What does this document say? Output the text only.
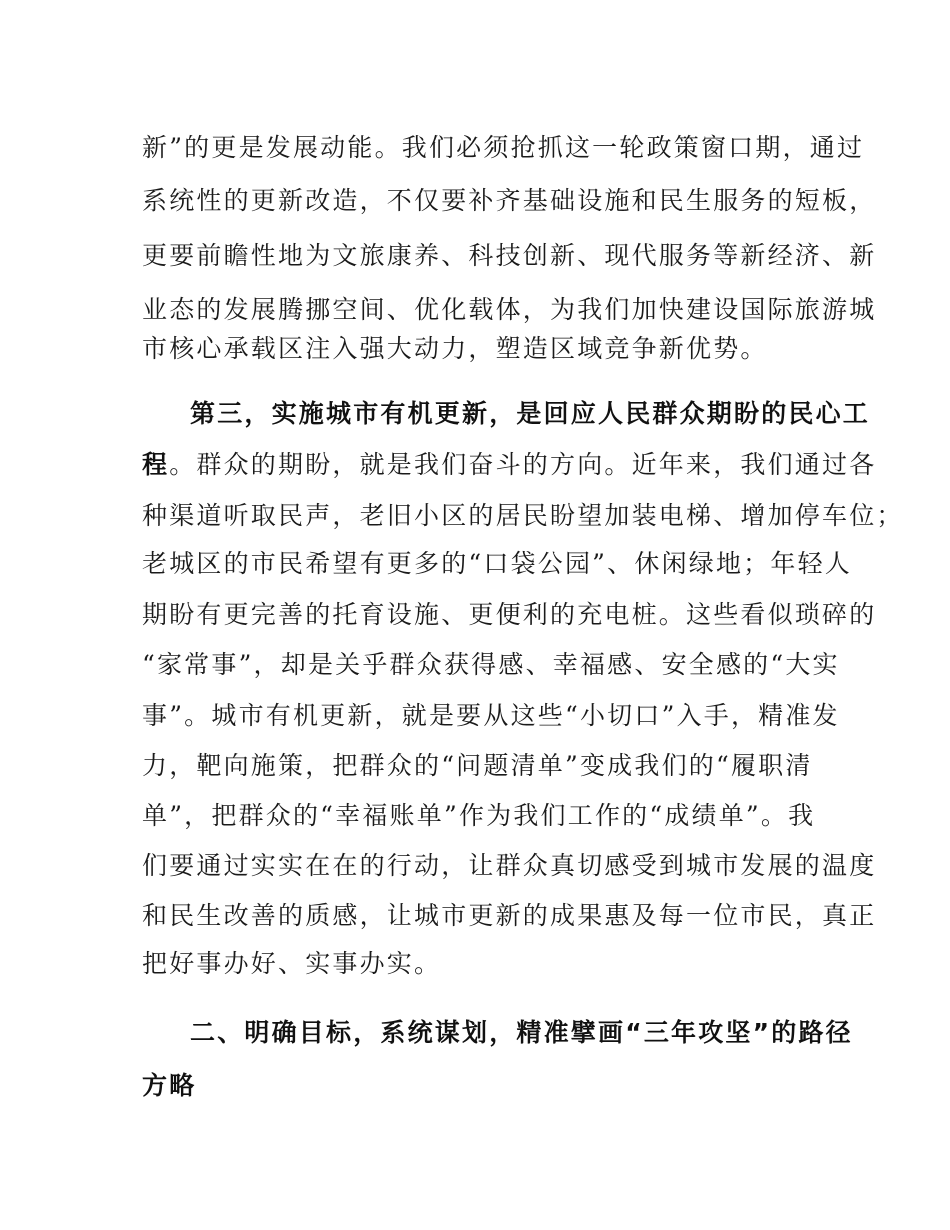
新”的更是发展动能。我们必须抢抓这一轮政策窗口期，通过
系统性的更新改造，不仅要补齐基础设施和民生服务的短板，
更要前瞻性地为文旅康养、科技创新、现代服务等新经济、新
业态的发展腾挪空间、优化载体，为我们加快建设国际旅游城
市核心承载区注入强大动力，塑造区域竞争新优势。
第三，实施城市有机更新，是回应人民群众期盼的民心工
程。群众的期盼，就是我们奋斗的方向。近年来，我们通过各
种渠道听取民声，老旧小区的居民盼望加装电梯、增加停车位；
老城区的市民希望有更多的“口袋公园”、休闲绿地；年轻人
期盼有更完善的托育设施、更便利的充电桩。这些看似琐碎的
“家常事”，却是关乎群众获得感、幸福感、安全感的“大实
事”。城市有机更新，就是要从这些“小切口”入手，精准发
力，靶向施策，把群众的“问题清单”变成我们的“履职清
单”，把群众的“幸福账单”作为我们工作的“成绩单”。我
们要通过实实在在的行动，让群众真切感受到城市发展的温度
和民生改善的质感，让城市更新的成果惠及每一位市民，真正
把好事办好、实事办实。
二、明确目标，系统谋划，精准擘画“三年攻坚”的路径
方略
